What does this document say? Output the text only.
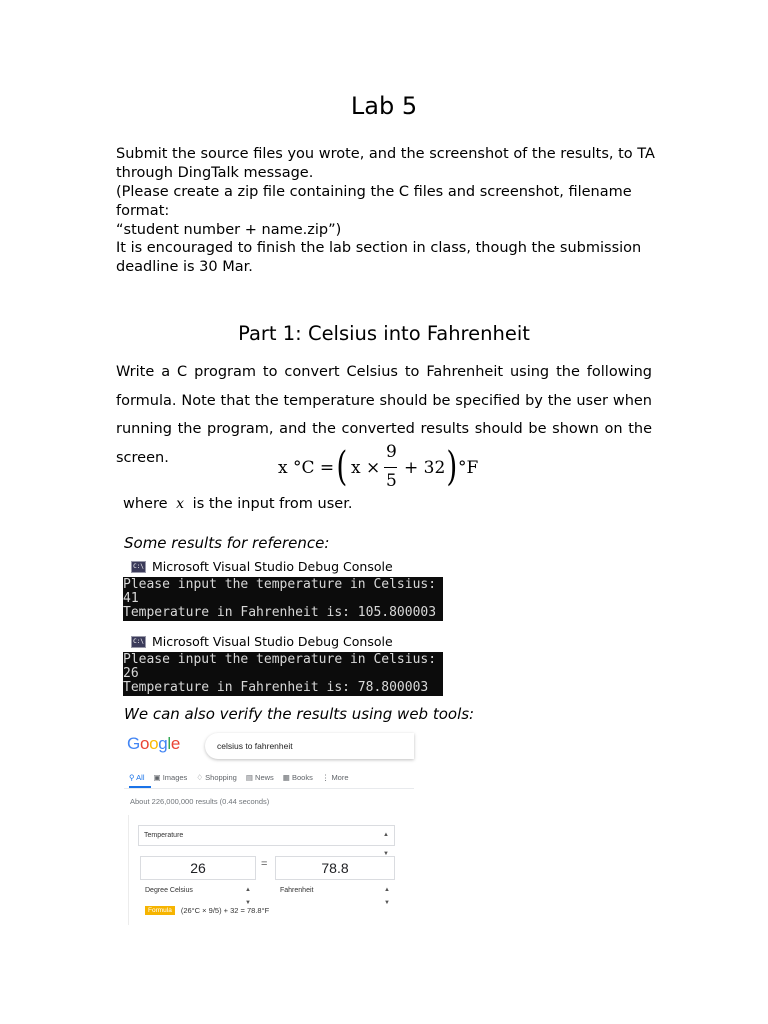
Lab 5
Submit the source files you wrote, and the screenshot of the results, to TA
through DingTalk message.
(Please create a zip file containing the C files and screenshot, filename format:
“student number + name.zip”)
It is encouraged to finish the lab section in class, though the submission
deadline is 30 Mar.
Part 1: Celsius into Fahrenheit
Write a C program to convert Celsius to Fahrenheit using the following formula. Note that the temperature should be specified by the user when running the program, and the converted results should be shown on the screen.
x °C = ( x ×
9
5
+ 32 ) °F
where x is the input from user.
Some results for reference:
C:\ Microsoft Visual Studio Debug Console
Please input the temperature in Celsius:
41
Temperature in Fahrenheit is: 105.800003
C:\ Microsoft Visual Studio Debug Console
Please input the temperature in Celsius:
26
Temperature in Fahrenheit is: 78.800003
We can also verify the results using web tools:
Google	celsius to fahrenheit
⚲ All ▣ Images ♢ Shopping ▤ News ▦ Books ⋮ More
About 226,000,000 results (0.44 seconds)
Temperature	▲
▼
26	=	78.8
Degree Celsius	▲
▼
Fahrenheit	▲
▼
Formula	(26°C × 9/5) + 32 = 78.8°F
